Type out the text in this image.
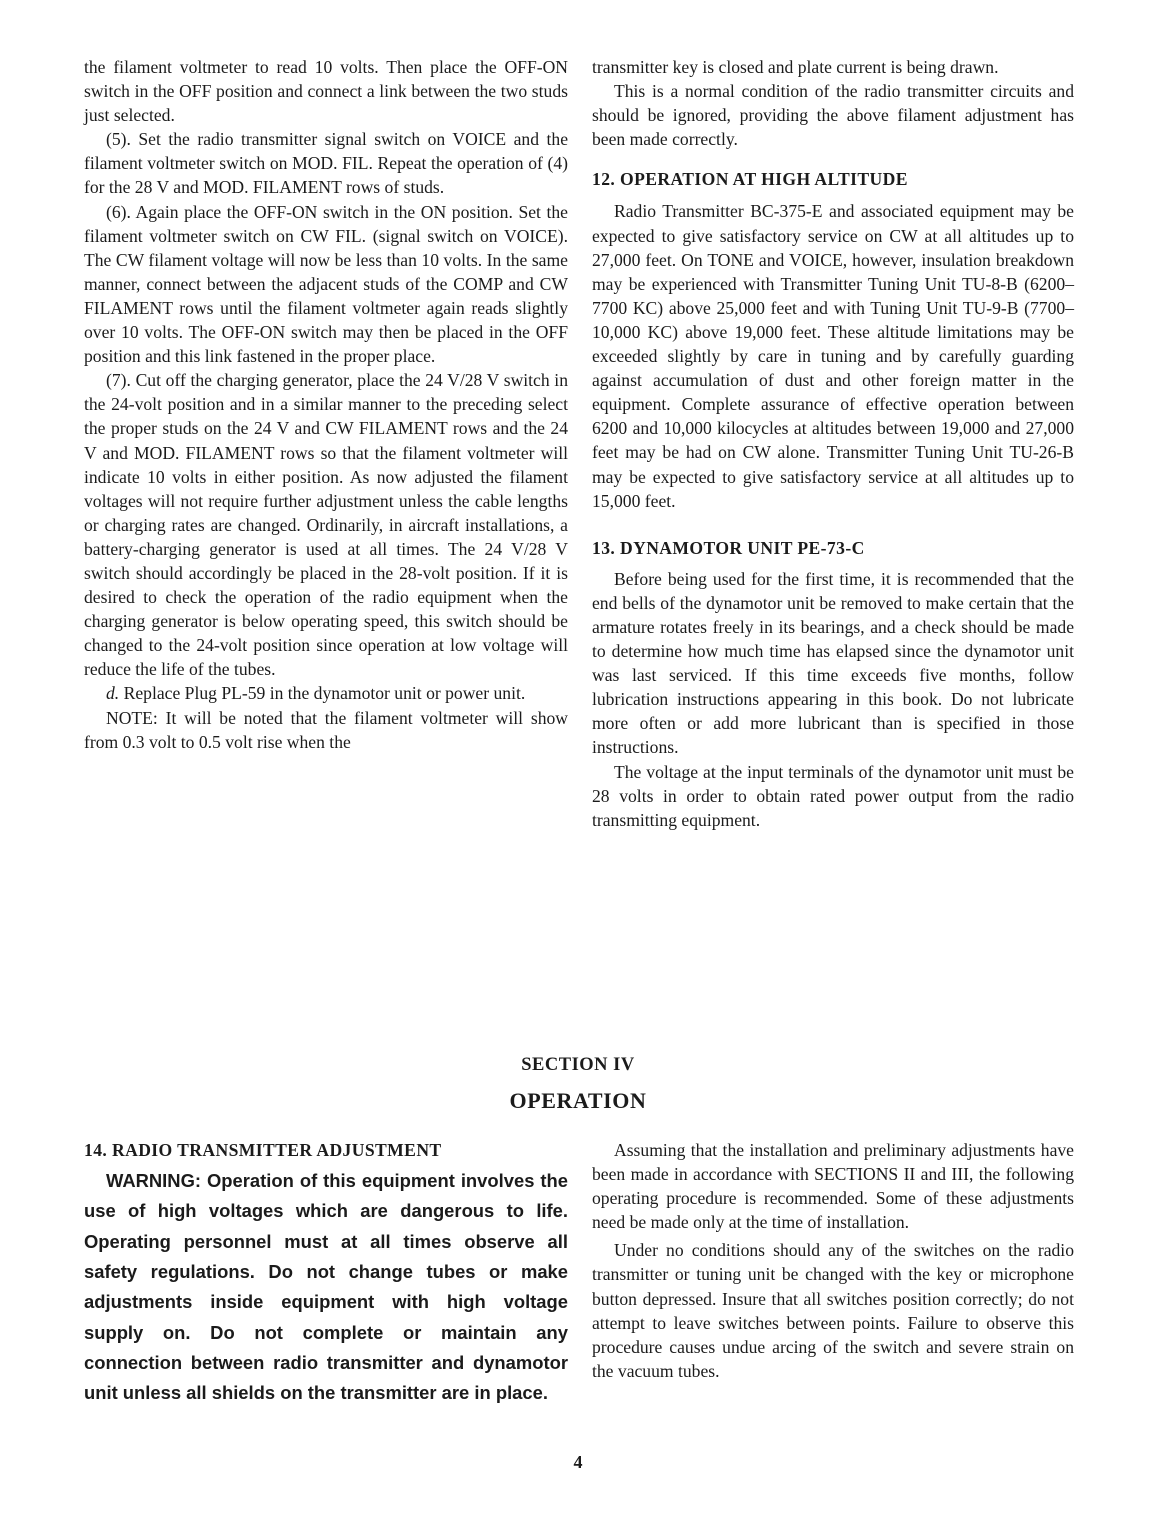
the filament voltmeter to read 10 volts. Then place the OFF-ON switch in the OFF position and connect a link between the two studs just selected.

(5). Set the radio transmitter signal switch on VOICE and the filament voltmeter switch on MOD. FIL. Repeat the operation of (4) for the 28 V and MOD. FILAMENT rows of studs.

(6). Again place the OFF-ON switch in the ON position. Set the filament voltmeter switch on CW FIL. (signal switch on VOICE). The CW filament voltage will now be less than 10 volts. In the same manner, connect between the adjacent studs of the COMP and CW FILAMENT rows until the filament voltmeter again reads slightly over 10 volts. The OFF-ON switch may then be placed in the OFF position and this link fastened in the proper place.

(7). Cut off the charging generator, place the 24 V/28 V switch in the 24-volt position and in a similar manner to the preceding select the proper studs on the 24 V and CW FILAMENT rows and the 24 V and MOD. FILAMENT rows so that the filament voltmeter will indicate 10 volts in either position. As now adjusted the filament voltages will not require further adjustment unless the cable lengths or charging rates are changed. Ordinarily, in aircraft installations, a battery-charging generator is used at all times. The 24 V/28 V switch should accordingly be placed in the 28-volt position. If it is desired to check the operation of the radio equipment when the charging generator is below operating speed, this switch should be changed to the 24-volt position since operation at low voltage will reduce the life of the tubes.

d. Replace Plug PL-59 in the dynamotor unit or power unit.

NOTE: It will be noted that the filament voltmeter will show from 0.3 volt to 0.5 volt rise when the

transmitter key is closed and plate current is being drawn.

This is a normal condition of the radio transmitter circuits and should be ignored, providing the above filament adjustment has been made correctly.

12. OPERATION AT HIGH ALTITUDE

Radio Transmitter BC-375-E and associated equipment may be expected to give satisfactory service on CW at all altitudes up to 27,000 feet. On TONE and VOICE, however, insulation breakdown may be experienced with Transmitter Tuning Unit TU-8-B (6200–7700 KC) above 25,000 feet and with Tuning Unit TU-9-B (7700–10,000 KC) above 19,000 feet. These altitude limitations may be exceeded slightly by care in tuning and by carefully guarding against accumulation of dust and other foreign matter in the equipment. Complete assurance of effective operation between 6200 and 10,000 kilocycles at altitudes between 19,000 and 27,000 feet may be had on CW alone. Transmitter Tuning Unit TU-26-B may be expected to give satisfactory service at all altitudes up to 15,000 feet.

13. DYNAMOTOR UNIT PE-73-C

Before being used for the first time, it is recommended that the end bells of the dynamotor unit be removed to make certain that the armature rotates freely in its bearings, and a check should be made to determine how much time has elapsed since the dynamotor unit was last serviced. If this time exceeds five months, follow lubrication instructions appearing in this book. Do not lubricate more often or add more lubricant than is specified in those instructions.

The voltage at the input terminals of the dynamotor unit must be 28 volts in order to obtain rated power output from the radio transmitting equipment.

SECTION IV
OPERATION

14. RADIO TRANSMITTER ADJUSTMENT

WARNING: Operation of this equipment involves the use of high voltages which are dangerous to life. Operating personnel must at all times observe all safety regulations. Do not change tubes or make adjustments inside equipment with high voltage supply on. Do not complete or maintain any connection between radio transmitter and dynamotor unit unless all shields on the transmitter are in place.

Assuming that the installation and preliminary adjustments have been made in accordance with SECTIONS II and III, the following operating procedure is recommended. Some of these adjustments need be made only at the time of installation.

Under no conditions should any of the switches on the radio transmitter or tuning unit be changed with the key or microphone button depressed. Insure that all switches position correctly; do not attempt to leave switches between points. Failure to observe this procedure causes undue arcing of the switch and severe strain on the vacuum tubes.

4
